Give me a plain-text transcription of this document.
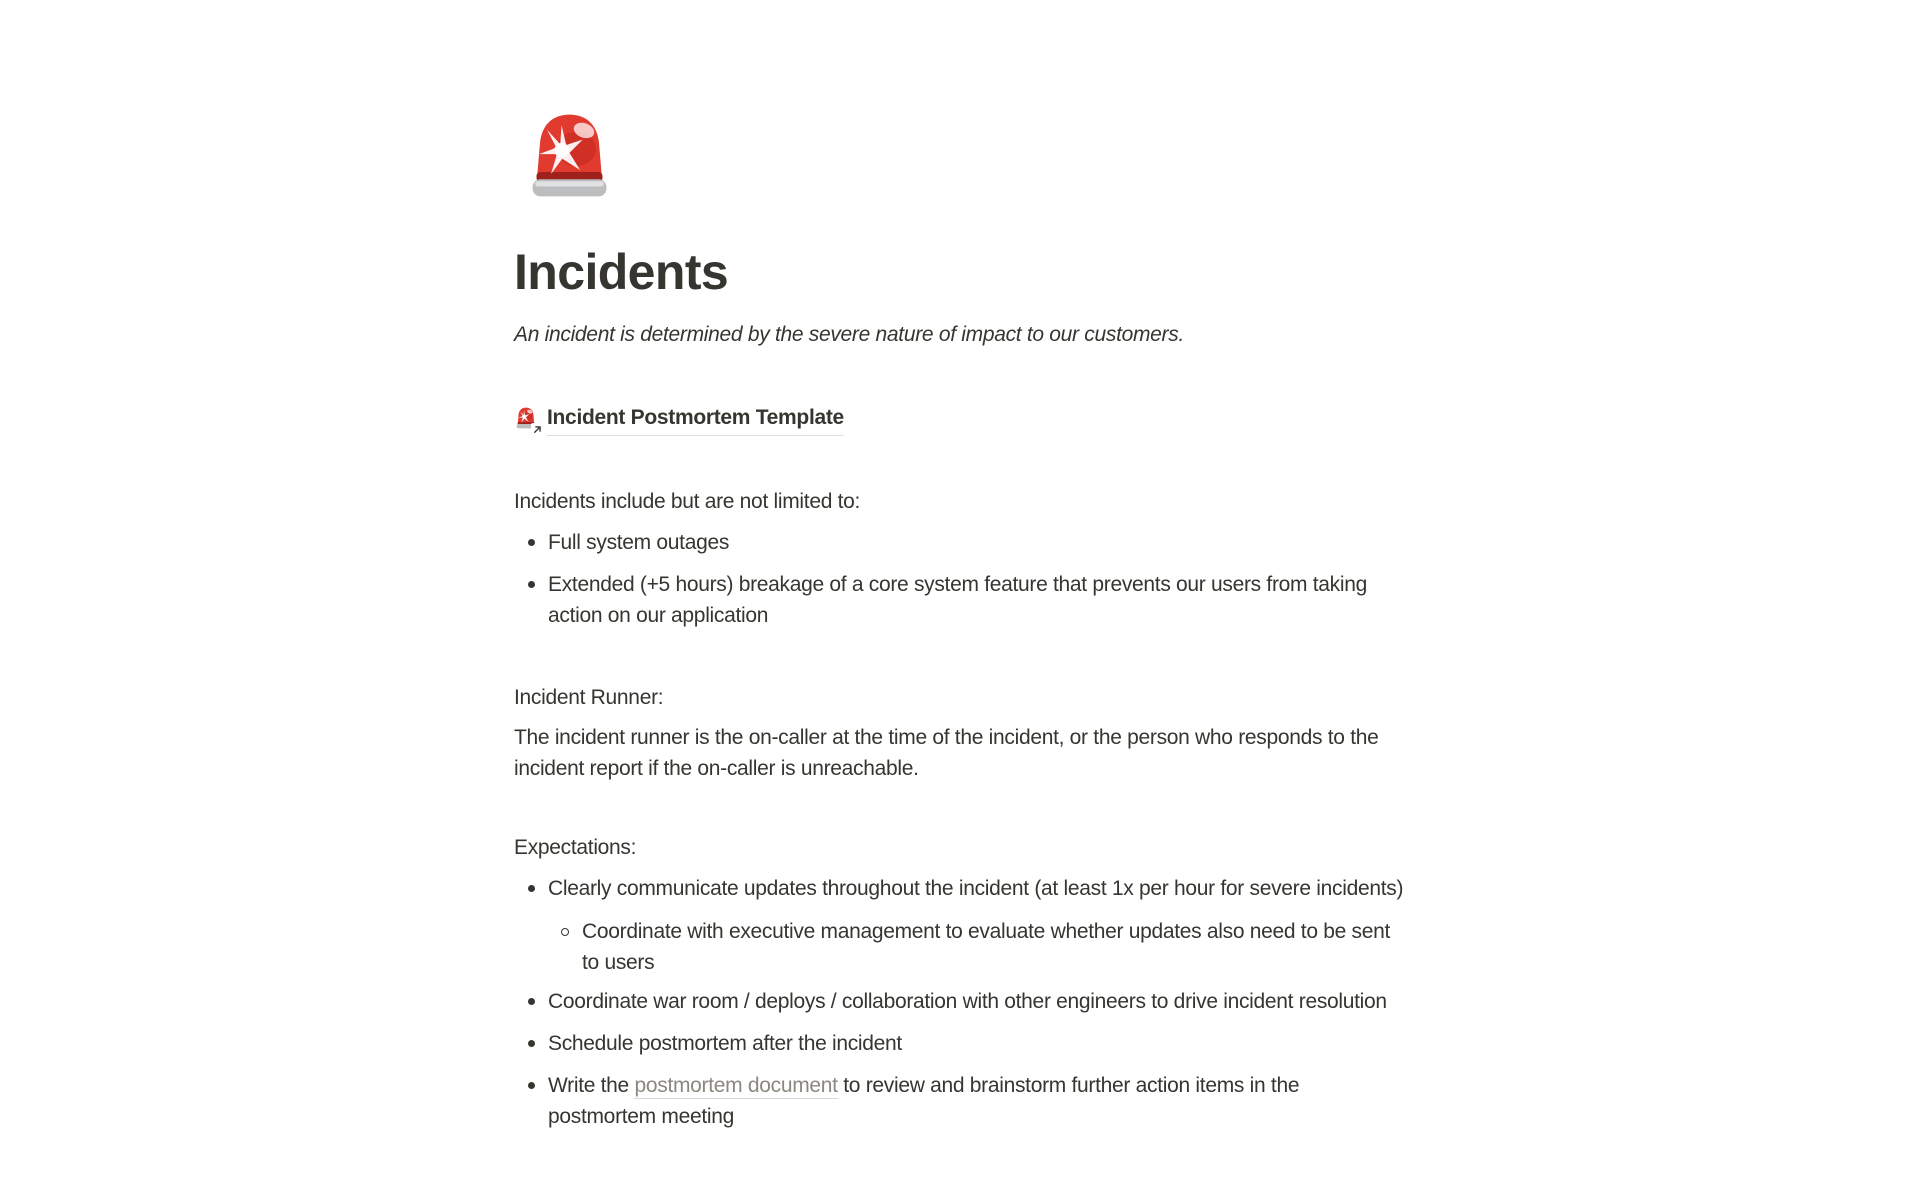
Incidents
An incident is determined by the severe nature of impact to our customers.
Incident Postmortem Template
Incidents include but are not limited to:
Full system outages
Extended (+5 hours) breakage of a core system feature that prevents our users from taking action on our application
Incident Runner:
The incident runner is the on-caller at the time of the incident, or the person who responds to the incident report if the on-caller is unreachable.
Expectations:
Clearly communicate updates throughout the incident (at least 1x per hour for severe incidents)
Coordinate with executive management to evaluate whether updates also need to be sent to users
Coordinate war room / deploys / collaboration with other engineers to drive incident resolution
Schedule postmortem after the incident
Write the postmortem document to review and brainstorm further action items in the postmortem meeting
